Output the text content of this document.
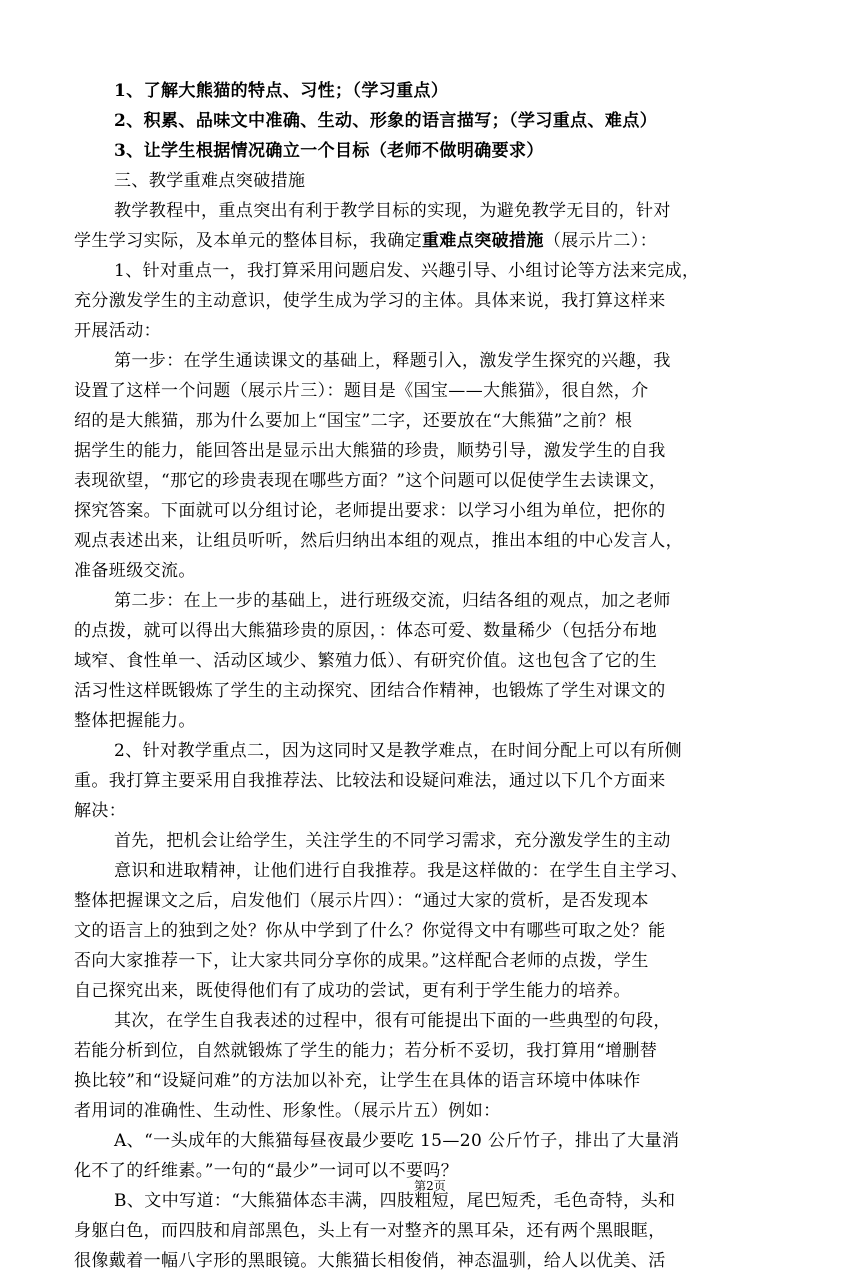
1、了解大熊猫的特点、习性；（学习重点）
2、积累、品味文中准确、生动、形象的语言描写；（学习重点、难点）
3、让学生根据情况确立一个目标（老师不做明确要求）
三、教学重难点突破措施
教学教程中，重点突出有利于教学目标的实现，为避免教学无目的，针对
学生学习实际，及本单元的整体目标，我确定重难点突破措施（展示片二）：
1、针对重点一，我打算采用问题启发、兴趣引导、小组讨论等方法来完成，
充分激发学生的主动意识，使学生成为学习的主体。具体来说，我打算这样来
开展活动：
第一步：在学生通读课文的基础上，释题引入，激发学生探究的兴趣，我
设置了这样一个问题（展示片三）：题目是《国宝——大熊猫》，很自然，介
绍的是大熊猫，那为什么要加上“国宝”二字，还要放在“大熊猫”之前？根
据学生的能力，能回答出是显示出大熊猫的珍贵，顺势引导，激发学生的自我
表现欲望，“那它的珍贵表现在哪些方面？”这个问题可以促使学生去读课文，
探究答案。下面就可以分组讨论，老师提出要求：以学习小组为单位，把你的
观点表述出来，让组员听听，然后归纳出本组的观点，推出本组的中心发言人，
准备班级交流。
第二步：在上一步的基础上，进行班级交流，归结各组的观点，加之老师
的点拨，就可以得出大熊猫珍贵的原因，：体态可爱、数量稀少（包括分布地
域窄、食性单一、活动区域少、繁殖力低）、有研究价值。这也包含了它的生
活习性这样既锻炼了学生的主动探究、团结合作精神，也锻炼了学生对课文的
整体把握能力。
2、针对教学重点二，因为这同时又是教学难点，在时间分配上可以有所侧
重。我打算主要采用自我推荐法、比较法和设疑问难法，通过以下几个方面来
解决：
首先，把机会让给学生，关注学生的不同学习需求，充分激发学生的主动
意识和进取精神，让他们进行自我推荐。我是这样做的：在学生自主学习、
整体把握课文之后，启发他们（展示片四）：“通过大家的赏析，是否发现本
文的语言上的独到之处？你从中学到了什么？你觉得文中有哪些可取之处？能
否向大家推荐一下，让大家共同分享你的成果。”这样配合老师的点拨，学生
自己探究出来，既使得他们有了成功的尝试，更有利于学生能力的培养。
其次，在学生自我表述的过程中，很有可能提出下面的一些典型的句段，
若能分析到位，自然就锻炼了学生的能力；若分析不妥切，我打算用“增删替
换比较”和“设疑问难”的方法加以补充，让学生在具体的语言环境中体味作
者用词的准确性、生动性、形象性。（展示片五）例如：
A、“一头成年的大熊猫每昼夜最少要吃 15—20 公斤竹子，排出了大量消
化不了的纤维素。”一句的“最少”一词可以不要吗？
B、文中写道：“大熊猫体态丰满，四肢粗短，尾巴短秃，毛色奇特，头和
身躯白色，而四肢和肩部黑色，头上有一对整齐的黑耳朵，还有两个黑眼眶，
很像戴着一幅八字形的黑眼镜。大熊猫长相俊俏，神态温驯，给人以优美、活
第2页
